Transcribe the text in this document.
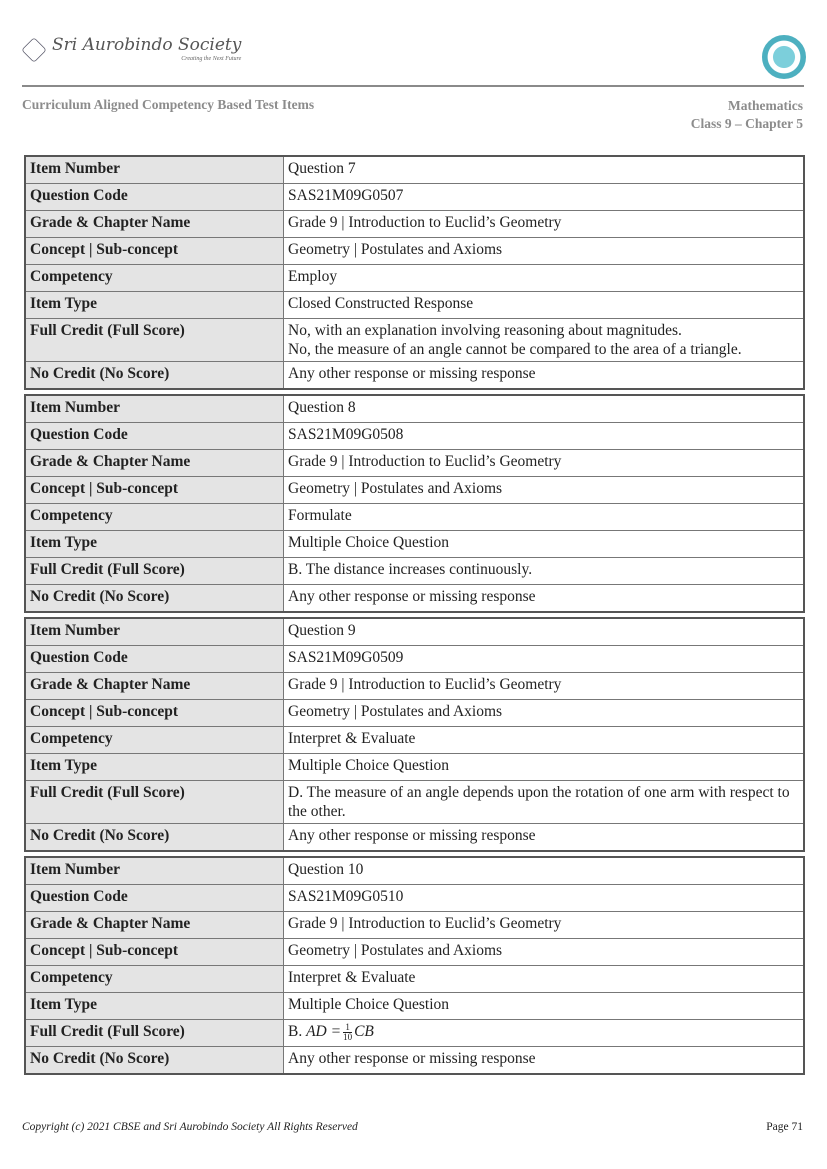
Sri Aurobindo Society
Creating the Next Future
Curriculum Aligned Competency Based Test Items	Mathematics
Class 9 – Chapter 5
Item Number	Question 7
Question Code	SAS21M09G0507
Grade & Chapter Name	Grade 9 | Introduction to Euclid’s Geometry
Concept | Sub-concept	Geometry | Postulates and Axioms
Competency	Employ
Item Type	Closed Constructed Response
Full Credit (Full Score)	No, with an explanation involving reasoning about magnitudes.
No, the measure of an angle cannot be compared to the area of a triangle.

No Credit (No Score)	Any other response or missing response
Item Number	Question 8
Question Code	SAS21M09G0508
Grade & Chapter Name	Grade 9 | Introduction to Euclid’s Geometry
Concept | Sub-concept	Geometry | Postulates and Axioms
Competency	Formulate
Item Type	Multiple Choice Question
Full Credit (Full Score)	B. The distance increases continuously.

No Credit (No Score)	Any other response or missing response
Item Number	Question 9
Question Code	SAS21M09G0509
Grade & Chapter Name	Grade 9 | Introduction to Euclid’s Geometry
Concept | Sub-concept	Geometry | Postulates and Axioms
Competency	Interpret & Evaluate
Item Type	Multiple Choice Question
Full Credit (Full Score)	D. The measure of an angle depends upon the rotation of one arm with respect to the other.

No Credit (No Score)	Any other response or missing response
Item Number	Question 10
Question Code	SAS21M09G0510
Grade & Chapter Name	Grade 9 | Introduction to Euclid’s Geometry
Concept | Sub-concept	Geometry | Postulates and Axioms
Competency	Interpret & Evaluate
Item Type	Multiple Choice Question
Full Credit (Full Score)	B. AD = $\frac{1}{10}$ CB
No Credit (No Score)	Any other response or missing response
Copyright (c) 2021 CBSE and Sri Aurobindo Society All Rights Reserved	Page 71
